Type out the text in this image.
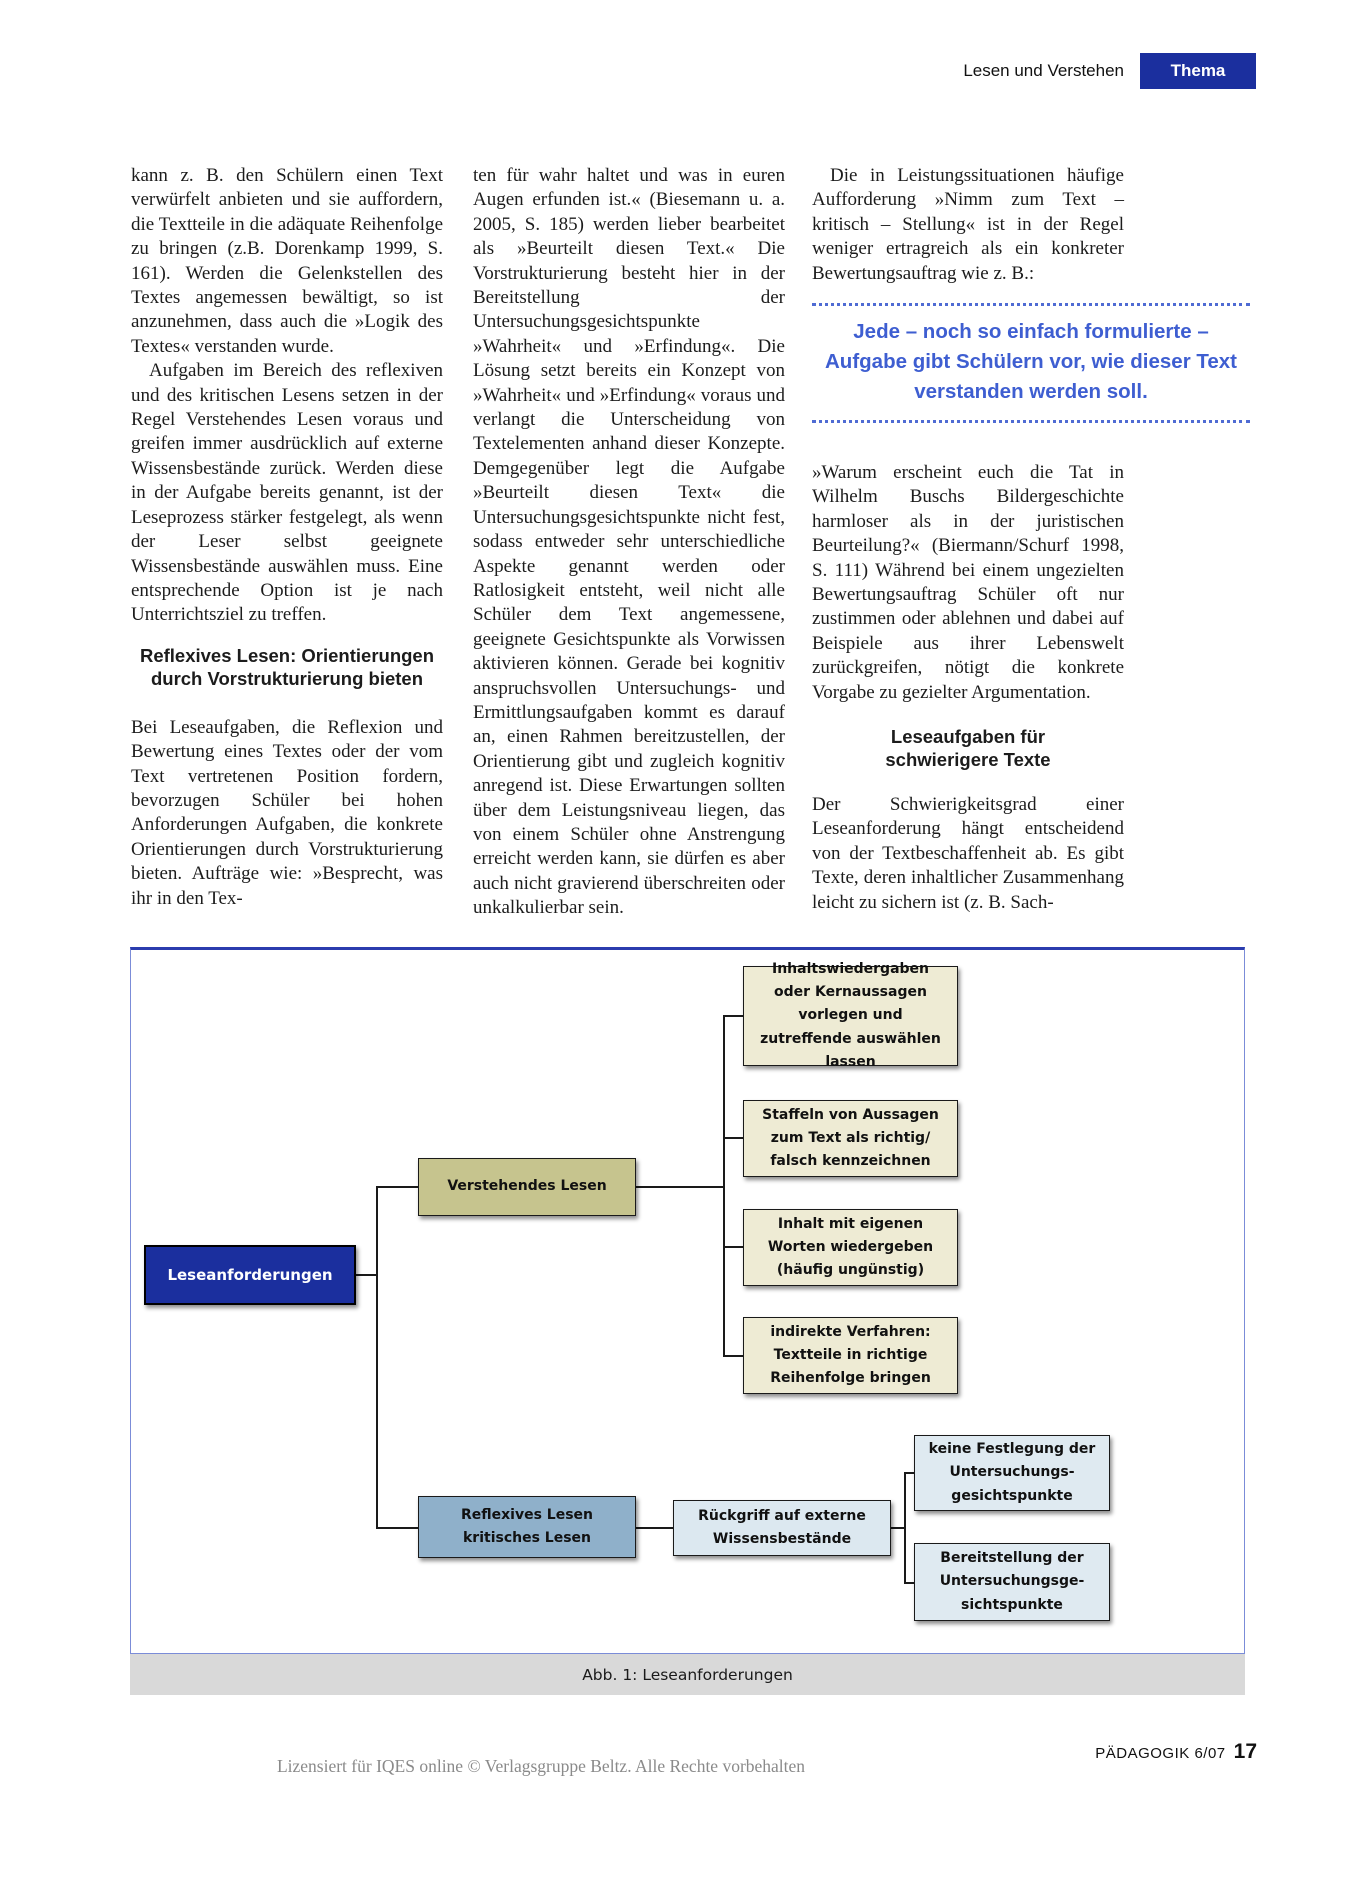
Lesen und Verstehen	Thema

kann z. B. den Schülern einen Text verwürfelt anbieten und sie auffordern, die Textteile in die adäquate Reihenfolge zu bringen (z.B. Dorenkamp 1999, S. 161). Werden die Gelenkstellen des Textes angemessen bewältigt, so ist anzunehmen, dass auch die »Logik des Textes« verstanden wurde.

Aufgaben im Bereich des reflexiven und des kritischen Lesens setzen in der Regel Verstehendes Lesen voraus und greifen immer ausdrücklich auf externe Wissensbestände zurück. Werden diese in der Aufgabe bereits genannt, ist der Leseprozess stärker festgelegt, als wenn der Leser selbst geeignete Wissensbestände auswählen muss. Eine entsprechende Option ist je nach Unterrichtsziel zu treffen.

Reflexives Lesen: Orientierungen durch Vorstrukturierung bieten

Bei Leseaufgaben, die Reflexion und Bewertung eines Textes oder der vom Text vertretenen Position fordern, bevorzugen Schüler bei hohen Anforderungen Aufgaben, die konkrete Orientierungen durch Vorstrukturierung bieten. Aufträge wie: »Besprecht, was ihr in den Tex-

ten für wahr haltet und was in euren Augen erfunden ist.« (Biesemann u. a. 2005, S. 185) werden lieber bearbeitet als »Beurteilt diesen Text.« Die Vorstrukturierung besteht hier in der Bereitstellung der Untersuchungsgesichtspunkte »Wahrheit« und »Erfindung«. Die Lösung setzt bereits ein Konzept von »Wahrheit« und »Erfindung« voraus und verlangt die Unterscheidung von Textelementen anhand dieser Konzepte. Demgegenüber legt die Aufgabe »Beurteilt diesen Text« die Untersuchungsgesichtspunkte nicht fest, sodass entweder sehr unterschiedliche Aspekte genannt werden oder Ratlosigkeit entsteht, weil nicht alle Schüler dem Text angemessene, geeignete Gesichtspunkte als Vorwissen aktivieren können. Gerade bei kognitiv anspruchsvollen Untersuchungs- und Ermittlungsaufgaben kommt es darauf an, einen Rahmen bereitzustellen, der Orientierung gibt und zugleich kognitiv anregend ist. Diese Erwartungen sollten über dem Leistungsniveau liegen, das von einem Schüler ohne Anstrengung erreicht werden kann, sie dürfen es aber auch nicht gravierend überschreiten oder unkalkulierbar sein.

Die in Leistungssituationen häufige Aufforderung »Nimm zum Text – kritisch – Stellung« ist in der Regel weniger ertragreich als ein konkreter Bewertungsauftrag wie z. B.:

Jede – noch so einfach formulierte – Aufgabe gibt Schülern vor, wie dieser Text verstanden werden soll.

»Warum erscheint euch die Tat in Wilhelm Buschs Bildergeschichte harmloser als in der juristischen Beurteilung?« (Biermann/Schurf 1998, S. 111) Während bei einem ungezielten Bewertungsauftrag Schüler oft nur zustimmen oder ablehnen und dabei auf Beispiele aus ihrer Lebenswelt zurückgreifen, nötigt die konkrete Vorgabe zu gezielter Argumentation.

Leseaufgaben für schwierigere Texte

Der Schwierigkeitsgrad einer Leseanforderung hängt entscheidend von der Textbeschaffenheit ab. Es gibt Texte, deren inhaltlicher Zusammenhang leicht zu sichern ist (z. B. Sach-

Leseanforderungen
Verstehendes Lesen
Reflexives Lesen kritisches Lesen
Rückgriff auf externe Wissensbestände
Inhaltswiedergaben oder Kernaussagen vorlegen und zutreffende auswählen lassen
Staffeln von Aussagen zum Text als richtig/ falsch kennzeichnen
Inhalt mit eigenen Worten wiedergeben (häufig ungünstig)
indirekte Verfahren: Textteile in richtige Reihenfolge bringen
keine Festlegung der Untersuchungs- gesichtspunkte
Bereitstellung der Untersuchungsge- sichtspunkte
Abb. 1: Leseanforderungen
Lizensiert für IQES online © Verlagsgruppe Beltz. Alle Rechte vorbehalten
PÄDAGOGIK 6/07 17
